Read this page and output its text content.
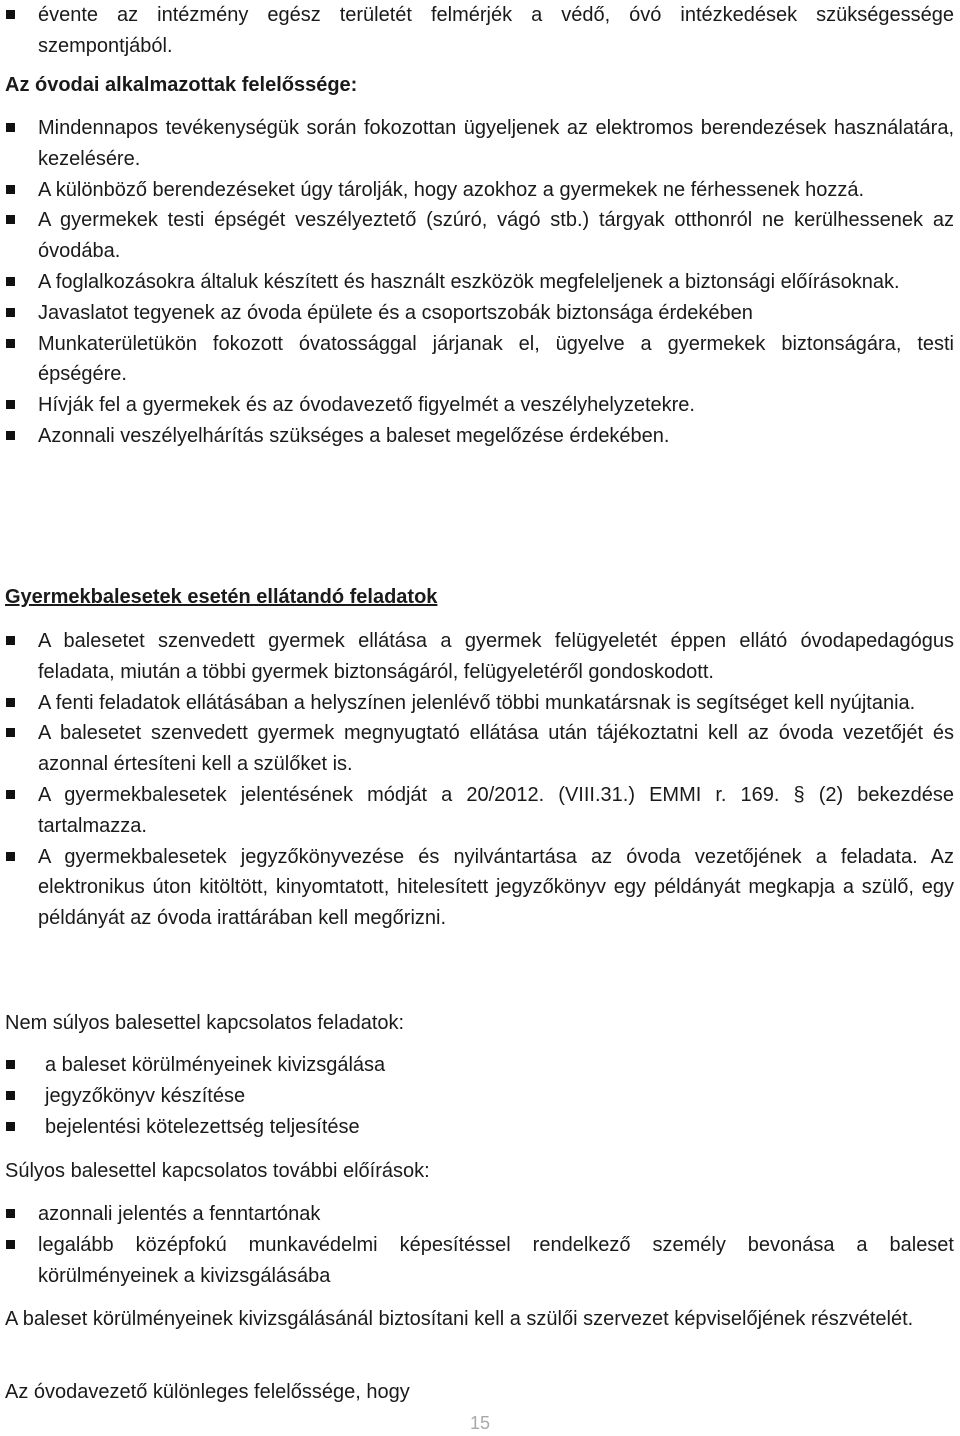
évente az intézmény egész területét felmérjék a védő, óvó intézkedések szükségessége szempontjából.

Az óvodai alkalmazottak felelőssége:

Mindennapos tevékenységük során fokozottan ügyeljenek az elektromos berendezések használatára, kezelésére.
A különböző berendezéseket úgy tárolják, hogy azokhoz a gyermekek ne férhessenek hozzá.
A gyermekek testi épségét veszélyeztető (szúró, vágó stb.) tárgyak otthonról ne kerülhessenek az óvodába.
A foglalkozásokra általuk készített és használt eszközök megfeleljenek a biztonsági előírásoknak.
Javaslatot tegyenek az óvoda épülete és a csoportszobák biztonsága érdekében
Munkaterületükön fokozott óvatossággal járjanak el, ügyelve a gyermekek biztonságára, testi épségére.
Hívják fel a gyermekek és az óvodavezető figyelmét a veszélyhelyzetekre.
Azonnali veszélyelhárítás szükséges a baleset megelőzése érdekében.

Gyermekbalesetek esetén ellátandó feladatok

A balesetet szenvedett gyermek ellátása a gyermek felügyeletét éppen ellátó óvodapedagógus feladata, miután a többi gyermek biztonságáról, felügyeletéről gondoskodott.
A fenti feladatok ellátásában a helyszínen jelenlévő többi munkatársnak is segítséget kell nyújtania.
A balesetet szenvedett gyermek megnyugtató ellátása után tájékoztatni kell az óvoda vezetőjét és azonnal értesíteni kell a szülőket is.
A gyermekbalesetek jelentésének módját a 20/2012. (VIII.31.) EMMI r. 169. § (2) bekezdése tartalmazza.
A gyermekbalesetek jegyzőkönyvezése és nyilvántartása az óvoda vezetőjének a feladata. Az elektronikus úton kitöltött, kinyomtatott, hitelesített jegyzőkönyv egy példányát megkapja a szülő, egy példányát az óvoda irattárában kell megőrizni.

Nem súlyos balesettel kapcsolatos feladatok:

a baleset körülményeinek kivizsgálása
jegyzőkönyv készítése
bejelentési kötelezettség teljesítése

Súlyos balesettel kapcsolatos további előírások:

azonnali jelentés a fenntartónak
legalább középfokú munkavédelmi képesítéssel rendelkező személy bevonása a baleset körülményeinek a kivizsgálásába

A baleset körülményeinek kivizsgálásánál biztosítani kell a szülői szervezet képviselőjének részvételét.

Az óvodavezető különleges felelőssége, hogy

15
